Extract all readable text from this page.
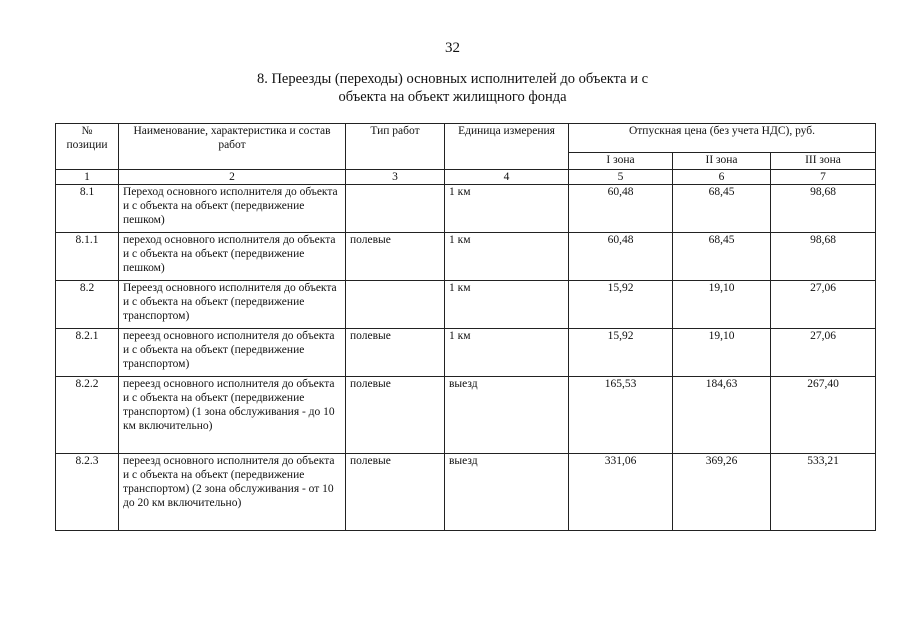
32
8. Переезды (переходы) основных исполнителей до объекта и с
объекта на объект жилищного фонда
№ позиции	Наименование, характеристика и состав работ	Тип работ	Единица измерения	Отпускная цена (без учета НДС), руб.		
				I зона	II зона	III зона
1	2	3	4	5	6	7
8.1	Переход основного исполнителя до объекта и с объекта на объект (передвижение пешком)		1 км	60,48	68,45	98,68
8.1.1	переход основного исполнителя до объекта и с объекта на объект (передвижение пешком)	полевые	1 км	60,48	68,45	98,68
8.2	Переезд основного исполнителя до объекта и с объекта на объект (передвижение транспортом)		1 км	15,92	19,10	27,06
8.2.1	переезд основного исполнителя до объекта и с объекта на объект (передвижение транспортом)	полевые	1 км	15,92	19,10	27,06
8.2.2	переезд основного исполнителя до объекта и с объекта на объект (передвижение транспортом) (1 зона обслуживания - до 10 км включительно)	полевые	выезд	165,53	184,63	267,40
8.2.3	переезд основного исполнителя до объекта и с объекта на объект (передвижение транспортом) (2 зона обслуживания - от 10 до 20 км включительно)	полевые	выезд	331,06	369,26	533,21
